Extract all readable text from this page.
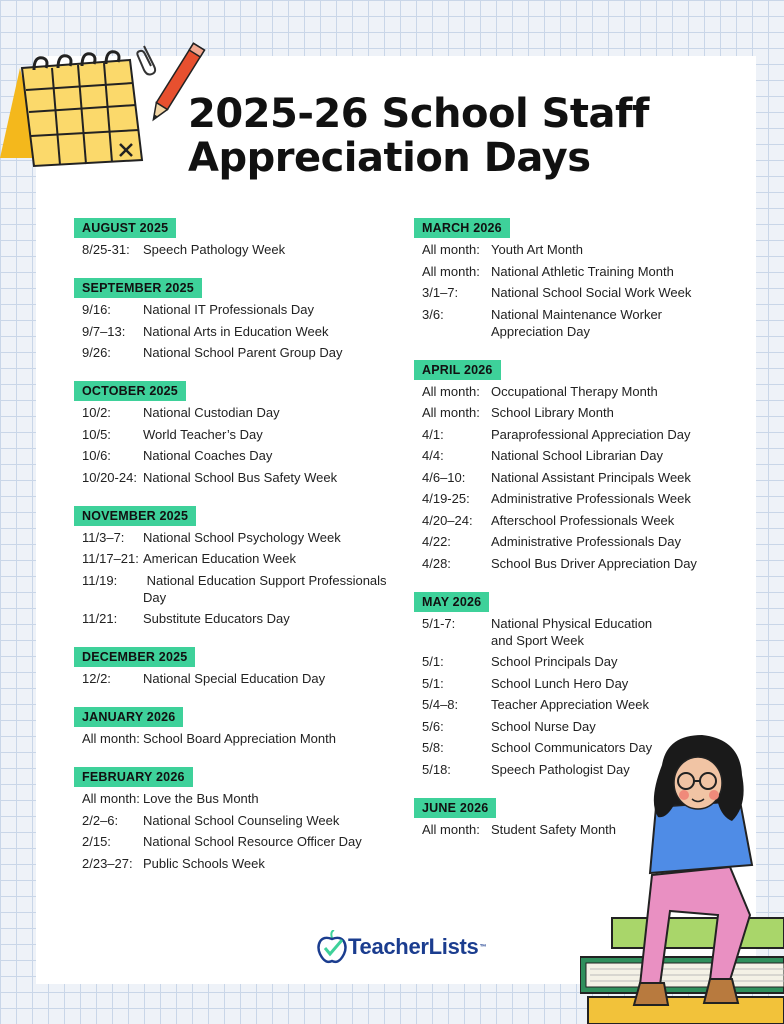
2025-26 School Staff
Appreciation Days
AUGUST 2025
8/25-31:	Speech Pathology Week
SEPTEMBER 2025
9/16:	National IT Professionals Day
9/7–13:	National Arts in Education Week
9/26:	National School Parent Group Day
OCTOBER 2025
10/2:	National Custodian Day
10/5:	World Teacher’s Day
10/6:	National Coaches Day
10/20-24: National School Bus Safety Week
NOVEMBER 2025
11/3–7:	National School Psychology Week
11/17–21: American Education Week
11/19:	National Education Support Professionals Day
11/21:	Substitute Educators Day
DECEMBER 2025
12/2:	National Special Education Day
JANUARY 2026
All month: School Board Appreciation Month
FEBRUARY 2026
All month: Love the Bus Month
2/2–6:	National School Counseling Week
2/15:	National School Resource Officer Day
2/23–27: Public Schools Week
MARCH 2026
All month: Youth Art Month
All month: National Athletic Training Month
3/1–7:	National School Social Work Week
3/6:	National Maintenance Worker Appreciation Day
APRIL 2026
All month: Occupational Therapy Month
All month: School Library Month
4/1:	Paraprofessional Appreciation Day
4/4:	National School Librarian Day
4/6–10:	National Assistant Principals Week
4/19-25:	Administrative Professionals Week
4/20–24:	Afterschool Professionals Week
4/22:	Administrative Professionals Day
4/28:	School Bus Driver Appreciation Day
MAY 2026
5/1-7:	National Physical Education and Sport Week
5/1:	School Principals Day
5/1:	School Lunch Hero Day
5/4–8:	Teacher Appreciation Week
5/6:	School Nurse Day
5/8:	School Communicators Day
5/18:	Speech Pathologist Day
JUNE 2026
All month: Student Safety Month
TeacherLists ™
